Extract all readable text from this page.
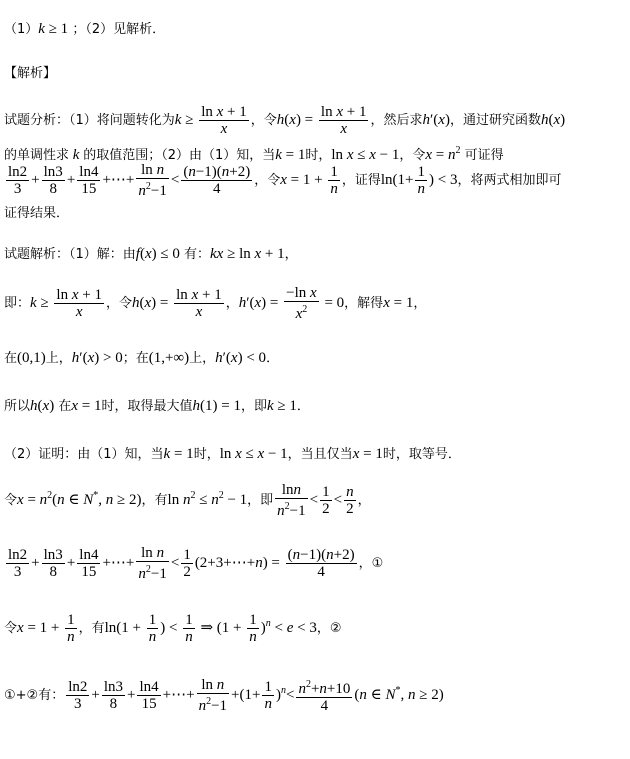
（1）k ≥ 1 ；（2）见解析．
【解析】
试题分析：（1）将问题转化为$k \ge \frac{\text{ln x + 1}}{x}$ ，令$h(x) = \frac{\text{ln x + 1}}{x}$ ，然后求h′(x)，通过研究函数h(x)
的单调性求 k 的取值范围；（2）由（1）知，当k = 1时，ln x ≤ x − 1，令$x = n^2$ 可证得
$\frac{\ln 2}{3} + \frac{\ln 3}{8} + \frac{\ln 4}{15}$ +⋯+ $\frac{\text{ln n}}{n^2-1} < \frac{(n-1)(n+2)}{4}$ ，令$x = 1 + \frac{1}{n}$ ，证得$\ln(1+ \frac{1}{n}$ ) < 3，将两式相加即可
证得结果．
试题解析：（1）解：由f(x) ≤ 0 有：kx ≥ ln x + 1，
即：$k \ge \frac{\text{ln x + 1}}{x}$ ，令$h(x) = \frac{\text{ln x + 1}}{x}$ ，$h'(x) = \frac{\text{−ln x}}{x^2} = 0$，解得x = 1，
在(0,1)上，h′(x) > 0；在(1,+∞)上，h′(x) < 0．
所以h(x) 在x = 1时，取得最大值h(1) = 1，即k ≥ 1．
（2）证明：由（1）知，当k = 1时，ln x ≤ x − 1，当且仅当x = 1时，取等号．
令$x = n^2(n$ ∈ N*, n ≥ 2)，有$\ln n^2 \le n^2 - 1$，即 $\frac{\ln n}{n^2-1} < \frac{1}{2} < \frac{n}{2}$ ，
$\frac{\ln 2}{3} + \frac{\ln 3}{8} + \frac{\ln 4}{15}$ +⋯+ $\frac{\text{ln n}}{n^2-1} < \frac{1}{2}$ (2+3+⋯+n) = $\frac{(n-1)(n+2)}{4}$ ，①
令$x = 1 + \frac{1}{n}$ ，有$\ln(1 + \frac{1}{n}$ ) < $\frac{1}{n}$ ⇒ $(1 + \frac{1}{n} )^n < e < 3$，②
①+②有： $\frac{\ln 2}{3} + \frac{\ln 3}{8} + \frac{\ln 4}{15}$ +⋯+ $\frac{\text{ln n}}{n^2-1} +(1+ \frac{1}{n} )^n< \frac{n^2+n+10}{4} (n$ ∈ N*, n ≥ 2)
